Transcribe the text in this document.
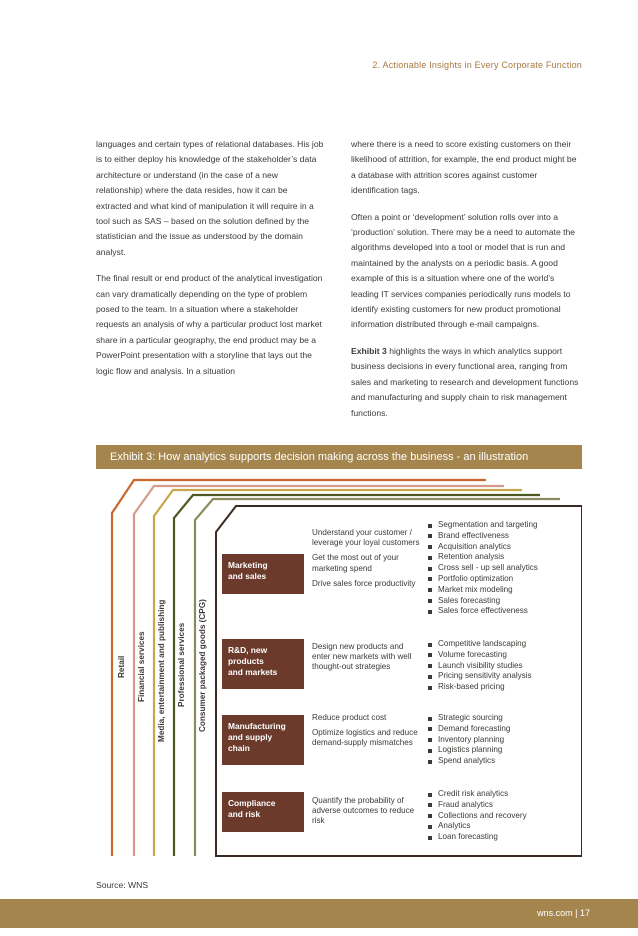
2. Actionable Insights in Every Corporate Function

languages and certain types of relational databases. His job is to either deploy his knowledge of the stakeholder’s data architecture or understand (in the case of a new relationship) where the data resides, how it can be extracted and what kind of manipulation it will require in a tool such as SAS – based on the solution defined by the statistician and the issue as understood by the domain analyst.

The final result or end product of the analytical investigation can vary dramatically depending on the type of problem posed to the team. In a situation where a stakeholder requests an analysis of why a particular product lost market share in a particular geography, the end product may be a PowerPoint presentation with a storyline that lays out the logic flow and analysis. In a situation

where there is a need to score existing customers on their likelihood of attrition, for example, the end product might be a database with attrition scores against customer identification tags.

Often a point or ‘development’ solution rolls over into a ‘production’ solution. There may be a need to automate the algorithms developed into a tool or model that is run and maintained by the analysts on a periodic basis. A good example of this is a situation where one of the world’s leading IT services companies periodically runs models to identify existing customers for new product promotional information distributed through e-mail campaigns.

Exhibit 3 highlights the ways in which analytics support business decisions in every functional area, ranging from sales and marketing to research and development functions and manufacturing and supply chain to risk management functions.

Exhibit 3: How analytics supports decision making across the business - an illustration
Retail Financial services Media, entertainment and publishing Professional services Consumer packaged goods (CPG)
Marketing
and sales
Understand your customer / leverage your loyal customers
Get the most out of your marketing spend
Drive sales force productivity
Segmentation and targeting
Brand effectiveness
Acquisition analytics
Retention analysis
Cross sell - up sell analytics
Portfolio optimization
Market mix modeling
Sales forecasting
Sales force effectiveness
R&D, new
products
and markets
Design new products and enter new markets with well thought-out strategies
Competitive landscaping
Volume forecasting
Launch visibility studies
Pricing sensitivity analysis
Risk-based pricing
Manufacturing
and supply
chain
Reduce product cost
Optimize logistics and reduce demand-supply mismatches
Strategic sourcing
Demand forecasting
Inventory planning
Logistics planning
Spend analytics
Compliance
and risk
Quantify the probability of adverse outcomes to reduce risk
Credit risk analytics
Fraud analytics
Collections and recovery
Analytics
Loan forecasting
Source: WNS
wns.com | 17
